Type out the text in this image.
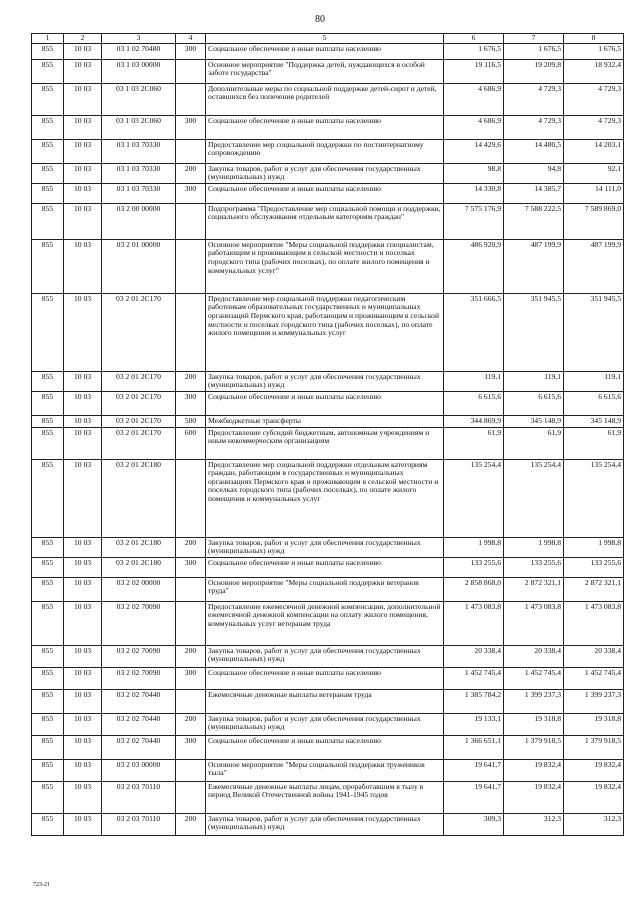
80
1	2	3	4	5	6	7	8
855	10 03	03 1 02 70480	300	Социальное обеспечение и иные выплаты населению	1 676,5	1 676,5	1 676,5
855	10 03	03 1 03 00000		Основное мероприятие "Поддержка детей, нуждающихся в особой заботе государства"	19 116,5	19 209,8	18 932,4
855	10 03	03 1 03 2С060		Дополнительные меры по социальной поддержке детей-сирот и детей, оставшихся без попечения родителей	4 686,9	4 729,3	4 729,3
855	10 03	03 1 03 2С060	300	Социальное обеспечение и иные выплаты населению	4 686,9	4 729,3	4 729,3
855	10 03	03 1 03 70330		Предоставление мер социальной поддержки по постинтернатному сопровождению	14 429,6	14 480,5	14 203,1
855	10 03	03 1 03 70330	200	Закупка товаров, работ и услуг для обеспечения государственных (муниципальных) нужд	98,8	94,8	92,1
855	10 03	03 1 03 70330	300	Социальное обеспечение и иные выплаты населению	14 330,8	14 385,7	14 111,0
855	10 03	03 2 00 00000		Подпрограмма "Предоставление мер социальной помощи и поддержки, социального обслуживания отдельным категориям граждан"	7 575 176,9	7 588 222,5	7 589 869,0
855	10 03	03 2 01 00000		Основное мероприятие "Меры социальной поддержки специалистам, работающим и проживающим в сельской местности и поселках городского типа (рабочих поселках), по оплате жилого помещения и коммунальных услуг"	486 920,9	487 199,9	487 199,9
855	10 03	03 2 01 2С170		Предоставление мер социальной поддержки педагогическим работникам образовательных государственных и муниципальных организаций Пермского края, работающим и проживающим в сельской местности и поселках городского типа (рабочих поселках), по оплате жилого помещения и коммунальных услуг	351 666,5	351 945,5	351 945,5
855	10 03	03 2 01 2С170	200	Закупка товаров, работ и услуг для обеспечения государственных (муниципальных) нужд	119,1	119,1	119,1
855	10 03	03 2 01 2С170	300	Социальное обеспечение и иные выплаты населению	6 615,6	6 615,6	6 615,6
855	10 03	03 2 01 2С170	500	Межбюджетные трансферты	344 869,9	345 148,9	345 148,9
855	10 03	03 2 01 2С170	600	Предоставление субсидий бюджетным, автономным учреждениям и иным некоммерческим организациям	61,9	61,9	61,9
855	10 03	03 2 01 2С180		Предоставление мер социальной поддержки отдельным категориям граждан, работающим в государственных и муниципальных организациях Пермского края и проживающим в сельской местности и поселках городского типа (рабочих поселках), по оплате жилого помещения и коммунальных услуг	135 254,4	135 254,4	135 254,4
855	10 03	03 2 01 2С180	200	Закупка товаров, работ и услуг для обеспечения государственных (муниципальных) нужд	1 998,8	1 998,8	1 998,8
855	10 03	03 2 01 2С180	300	Социальное обеспечение и иные выплаты населению	133 255,6	133 255,6	133 255,6
855	10 03	03 2 02 00000		Основное мероприятие "Меры социальной поддержки ветеранов труда"	2 858 868,0	2 872 321,1	2 872 321,1
855	10 03	03 2 02 70090		Предоставление ежемесячной денежной компенсации, дополнительной ежемесячной денежной компенсации на оплату жилого помещения, коммунальных услуг ветеранам труда	1 473 083,8	1 473 083,8	1 473 083,8
855	10 03	03 2 02 70090	200	Закупка товаров, работ и услуг для обеспечения государственных (муниципальных) нужд	20 338,4	20 338,4	20 338,4
855	10 03	03 2 02 70090	300	Социальное обеспечение и иные выплаты населению	1 452 745,4	1 452 745,4	1 452 745,4
855	10 03	03 2 02 70440		Ежемесячные денежные выплаты ветеранам труда	1 385 784,2	1 399 237,3	1 399 237,3
855	10 03	03 2 02 70440	200	Закупка товаров, работ и услуг для обеспечения государственных (муниципальных) нужд	19 133,1	19 318,8	19 318,8
855	10 03	03 2 02 70440	300	Социальное обеспечение и иные выплаты населению	1 366 651,1	1 379 918,5	1 379 918,5
855	10 03	03 2 03 00000		Основное мероприятие "Меры социальной поддержки тружеников тыла"	19 641,7	19 832,4	19 832,4
855	10 03	03 2 03 70110		Ежемесячные денежные выплаты лицам, проработавшим в тылу в период Великой Отечественной войны 1941-1945 годов	19 641,7	19 832,4	19 832,4
855	10 03	03 2 03 70110	200	Закупка товаров, работ и услуг для обеспечения государственных (муниципальных) нужд	309,3	312,3	312,3
723-21
